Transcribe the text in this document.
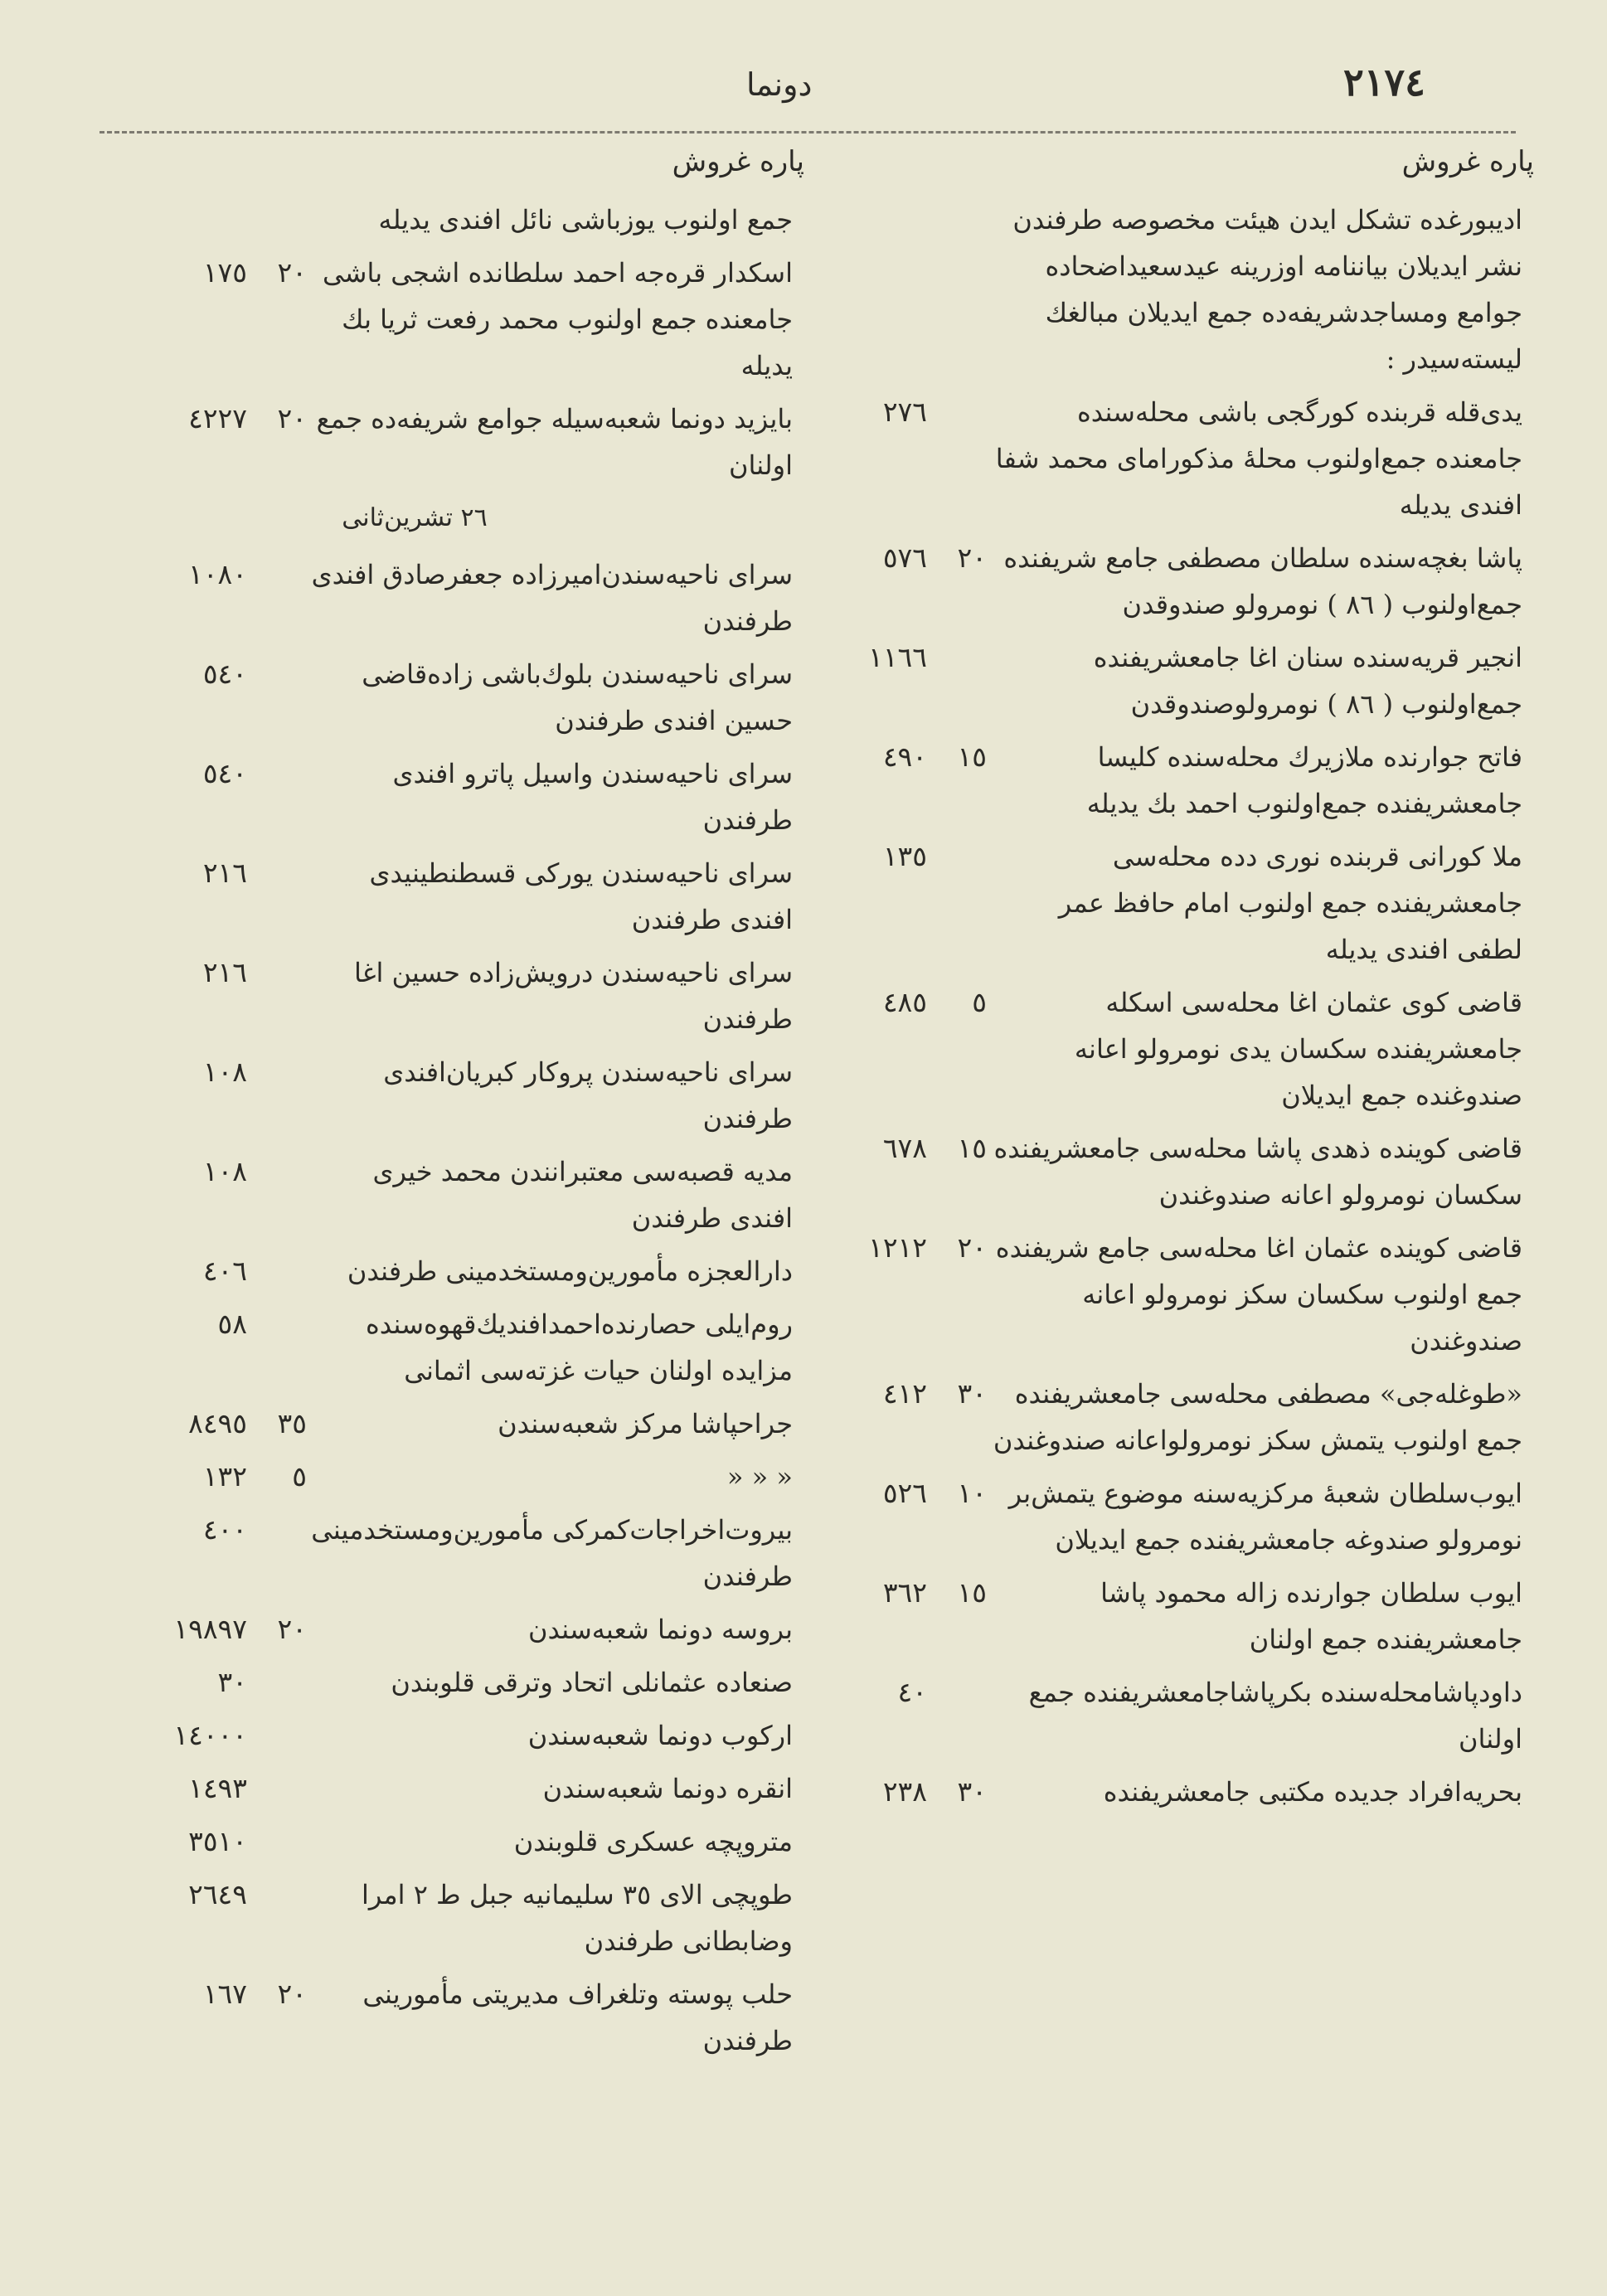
٢١٧٤
دونما
پاره غروش
اديبورغده تشكل ايدن هيئت مخصوصه طرفندن نشر ايديلان بياننامه اوزرينه عيدسعيداضحاده جوامع ومساجدشريفه‌ده جمع ايديلان مبالغك ليسته‌سيدر :
يدى‌قله قربنده كورگجى باشى محله‌سنده جامعنده جمع‌اولنوب محلهٔ مذكوراماى محمد شفا افندى يديله
٢٧٦
پاشا بغچه‌سنده سلطان مصطفى جامع شريفنده جمع‌اولنوب ( ٨٦ ) نومرولو صندوقدن
٢٠
٥٧٦
انجير قريه‌سنده سنان اغا جامعشريفنده جمع‌اولنوب ( ٨٦ ) نومرولوصندوقدن
١١٦٦
فاتح جوارنده ملازيرك محله‌سنده كليسا جامعشريفنده جمع‌اولنوب احمد بك يديله
١٥
٤٩٠
ملا كورانى قربنده نورى دده محله‌سى جامعشريفنده جمع اولنوب امام حافظ عمر لطفى افندى يديله
١٣٥
قاضى كوى عثمان اغا محله‌سى اسكله جامعشريفنده سكسان يدى نومرولو اعانه صندوغنده جمع ايديلان
٥
٤٨٥
قاضى كوينده ذهدى پاشا محله‌سى جامعشريفنده سكسان نومرولو اعانه صندوغندن
١٥
٦٧٨
قاضى كوينده عثمان اغا محله‌سى جامع شريفنده جمع اولنوب سكسان سكز نومرولو اعانه صندوغندن
٢٠
١٢١٢
«طوغله‌جى» مصطفى محله‌سى جامعشريفنده جمع اولنوب يتمش سكز نومرولواعانه صندوغندن
٣٠
٤١٢
ايوب‌سلطان شعبهٔ مركزيه‌سنه موضوع يتمش‌بر نومرولو صندوغه جامعشريفنده جمع ايديلان
١٠
٥٢٦
ايوب سلطان جوارنده زاله محمود پاشا جامعشريفنده جمع اولنان
١٥
٣٦٢
داودپاشامحله‌سنده بكرپاشاجامعشريفنده جمع اولنان
٤٠
بحريه‌افراد جديده مكتبى جامعشريفنده
٣٠
٢٣٨
پاره غروش
جمع اولنوب يوزباشى نائل افندى يديله
اسكدار قره‌جه احمد سلطانده اشجى باشى جامعنده جمع اولنوب محمد رفعت ثريا بك يديله
٢٠
١٧٥
بايزيد دونما شعبه‌سيله جوامع شريفه‌ده جمع اولنان
٢٠
٤٢٢٧
٢٦ تشرين‌ثانى
سراى ناحيه‌سندن‌اميرزاده جعفرصادق افندى طرفندن
١٠٨٠
سراى ناحيه‌سندن بلوك‌باشى زاده‌قاضى حسين افندى طرفندن
٥٤٠
سراى ناحيه‌سندن واسيل پاترو افندى طرفندن
٥٤٠
سراى ناحيه‌سندن يوركى قسطنطينيدى افندى طرفندن
٢١٦
سراى ناحيه‌سندن درويش‌زاده حسين اغا طرفندن
٢١٦
سراى ناحيه‌سندن پروكار كبريان‌افندى طرفندن
١٠٨
مديه قصبه‌سى معتبرانندن محمد خيرى افندى طرفندن
١٠٨
دارالعجزه مأمورين‌ومستخدمينى طرفندن
٤٠٦
روم‌ايلى حصارنده‌احمدافنديك‌قهوه‌سنده مزايده اولنان حيات غزته‌سى اثمانى
٥٨
جراحپاشا مركز شعبه‌سندن
٣٥
٨٤٩٥
« « «
٥
١٣٢
بيروت‌اخراجات‌كمركى مأمورين‌ومستخدمينى طرفندن
٤٠٠
بروسه دونما شعبه‌سندن
٢٠
١٩٨٩٧
صنعاده عثمانلى اتحاد وترقى قلوبندن
٣٠
اركوب دونما شعبه‌سندن
١٤٠٠٠
انقره دونما شعبه‌سندن
١٤٩٣
متروپچه عسكرى قلوبندن
٣٥١٠
طوپچى الاى ٣٥ سليمانيه جبل ط ٢ امرا وضابطانى طرفندن
٢٦٤٩
حلب پوسته وتلغراف مديريتى مأمورينى طرفندن
٢٠
١٦٧
